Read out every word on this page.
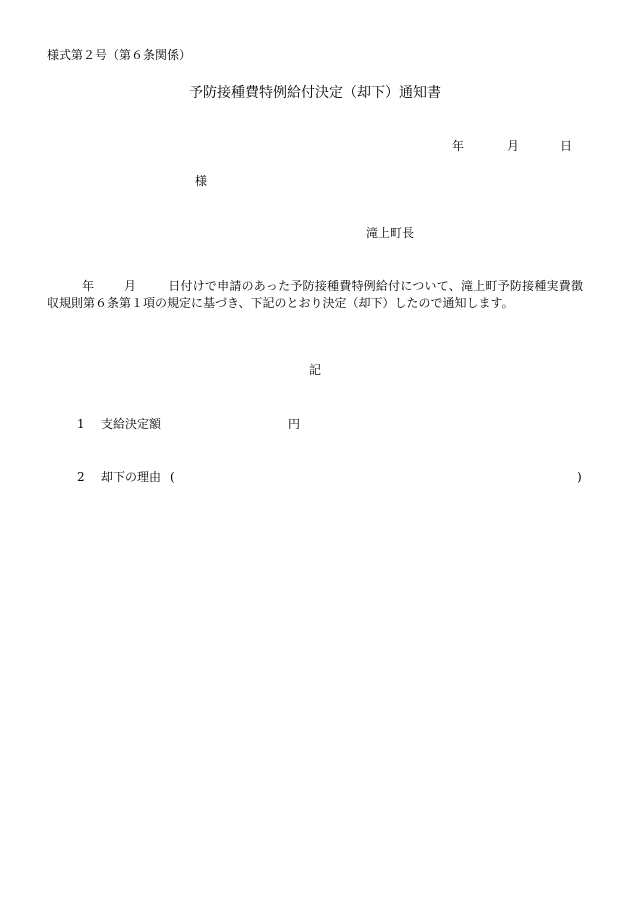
様式第２号（第６条関係）
予防接種費特例給付決定（却下）通知書
年	月	日
様
滝上町長
年 月	日付けで申請のあった予防接種費特例給付について、滝上町予防接種実費徴収規則第６条第１項の規定に基づき、下記のとおり決定（却下）したので通知します。
記
1 支給決定額	円
2 却下の理由 (	)
